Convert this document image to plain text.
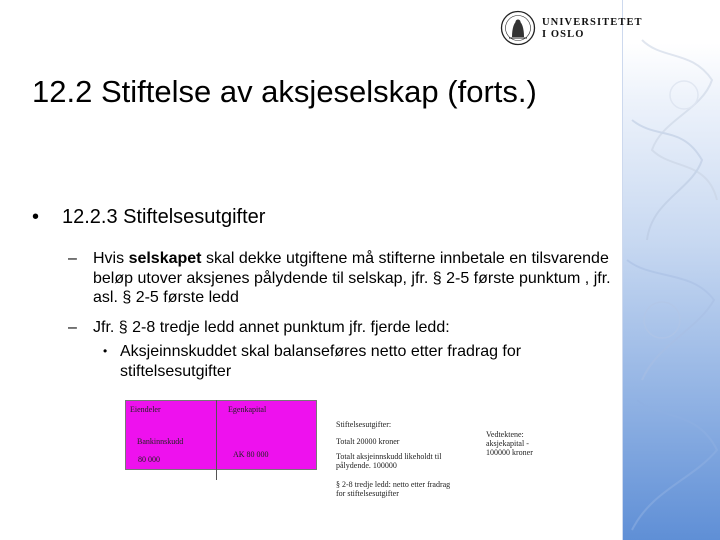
UNIVERSITETET
I OSLO
12.2 Stiftelse av aksjeselskap (forts.)
• 12.2.3 Stiftelsesutgifter
– Hvis selskapet skal dekke utgiftene må stifterne innbetale en tilsvarende beløp utover aksjenes pålydende til selskap, jfr. § 2-5 første punktum , jfr. asl. § 2-5 første ledd
– Jfr. § 2-8 tredje ledd annet punktum jfr. fjerde ledd:
• Aksjeinnskuddet skal balanseføres netto etter fradrag for stiftelsesutgifter
Eiendeler	Egenkapital
Bankinnskudd
80 000
AK 80 000
Stiftelsesutgifter:
Totalt 20000 kroner
Totalt aksjeinnskudd likeholdt til pålydende. 100000
§ 2-8 tredje ledd: netto etter fradrag for stiftelsesutgifter
Vedtektene: aksjekapital - 100000 kroner
